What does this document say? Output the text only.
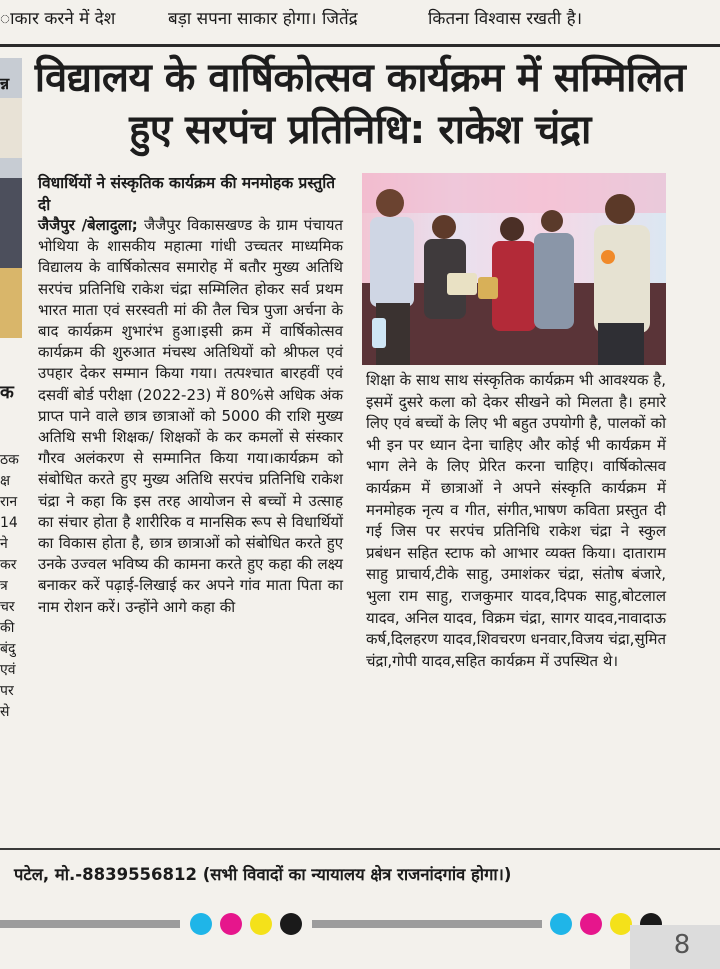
ाकार करने में देश	बड़ा सपना साकार होगा। जितेंद्र	कितना विश्वास रखती है।
न्न
क
ठक
क्ष
रान
14
ने
कर
त्र
चर
की
बंदु
एवं
पर
से
विद्यालय के वार्षिकोत्सव कार्यक्रम में सम्मिलित
हुए सरपंच प्रतिनिधि: राकेश चंद्रा
विधार्थियों ने संस्कृतिक कार्यक्रम की मनमोहक प्रस्तुति दी
जैजैपुर /बेलादुला; जैजैपुर विकासखण्ड के ग्राम पंचायत भोथिया के शासकीय महात्मा गांधी उच्चतर माध्यमिक विद्यालय के वार्षिकोत्सव समारोह में बतौर मुख्य अतिथि सरपंच प्रतिनिधि राकेश चंद्रा सम्मिलित होकर सर्व प्रथम भारत माता एवं सरस्वती मां की तैल चित्र पुजा अर्चना के बाद कार्यक्रम शुभारंभ हुआ।इसी क्रम में वार्षिकोत्सव कार्यक्रम की शुरुआत मंचस्थ अतिथियों को श्रीफल एवं उपहार देकर सम्मान किया गया। तत्पश्चात बारहवीं एवं दसवीं बोर्ड परीक्षा (2022-23) में 80%से अधिक अंक प्राप्त पाने वाले छात्र छात्राओं को 5000 की राशि मुख्य अतिथि सभी शिक्षक/ शिक्षकों के कर कमलों से संस्कार गौरव अलंकरण से सम्मानित किया गया।कार्यक्रम को संबोधित करते हुए मुख्य अतिथि सरपंच प्रतिनिधि राकेश चंद्रा ने कहा कि इस तरह आयोजन से बच्चों मे उत्साह का संचार होता है शारीरिक व मानसिक रूप से विधार्थियों का विकास होता है, छात्र छात्राओं को संबोधित करते हुए उनके उज्वल भविष्य की कामना करते हुए कहा की लक्ष्य बनाकर करें पढ़ाई-लिखाई कर अपने गांव माता पिता का नाम रोशन करें। उन्होंने आगे कहा की
शिक्षा के साथ साथ संस्कृतिक कार्यक्रम भी आवश्यक है, इसमें दुसरे कला को देकर सीखने को मिलता है। हमारे लिए एवं बच्चों के लिए भी बहुत उपयोगी है, पालकों को भी इन पर ध्यान देना चाहिए और कोई भी कार्यक्रम में भाग लेने के लिए प्रेरित करना चाहिए। वार्षिकोत्सव कार्यक्रम में छात्राओं ने अपने संस्कृति कार्यक्रम में मनमोहक नृत्य व गीत, संगीत,भाषण कविता प्रस्तुत दी गई जिस पर सरपंच प्रतिनिधि राकेश चंद्रा ने स्कुल प्रबंधन सहित स्टाफ को आभार व्यक्त किया। दाताराम साहु प्राचार्य,टीके साहु, उमाशंकर चंद्रा, संतोष बंजारे, भुला राम साहु, राजकुमार यादव,दिपक साहु,बोटलाल यादव, अनिल यादव, विक्रम चंद्रा, सागर यादव,नावादाऊ कर्ष,दिलहरण यादव,शिवचरण धनवार,विजय चंद्रा,सुमित चंद्रा,गोपी यादव,सहित कार्यक्रम में उपस्थित थे।
पटेल, मो.-8839556812 (सभी विवादों का न्यायालय क्षेत्र राजनांदगांव होगा।)
8
